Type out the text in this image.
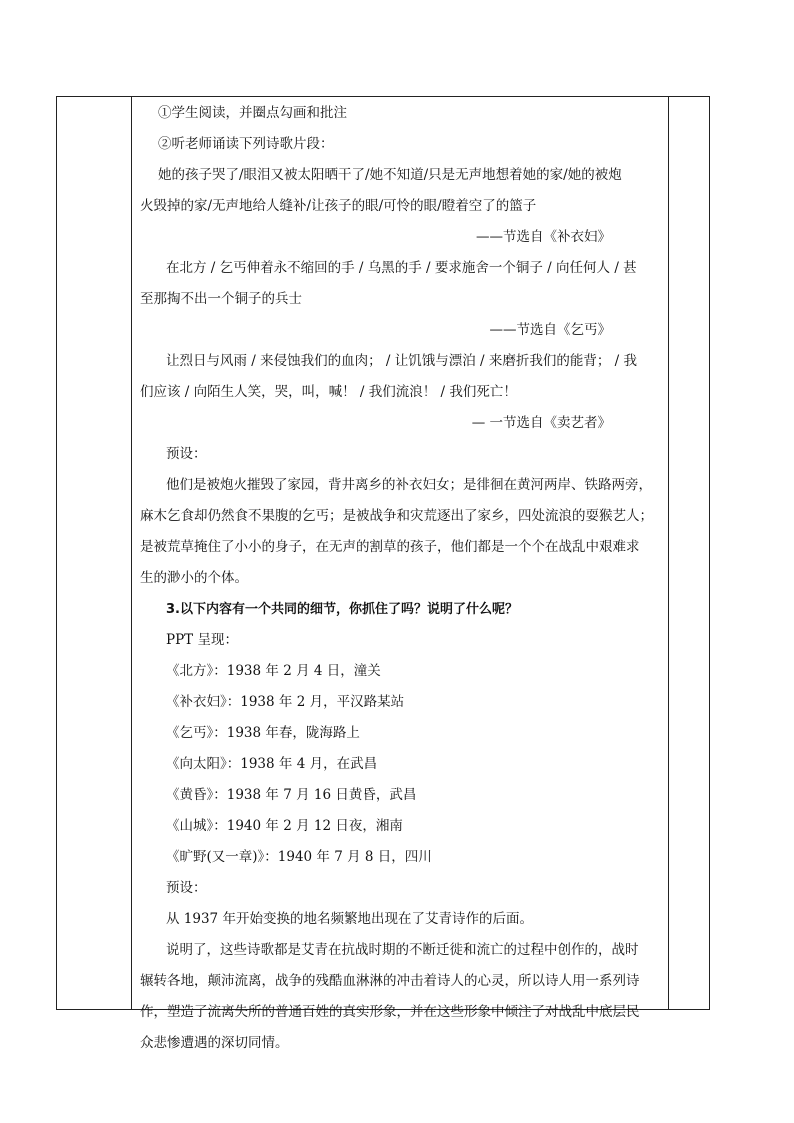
①学生阅读，并圈点勾画和批注

②听老师诵读下列诗歌片段：

她的孩子哭了/眼泪又被太阳晒干了/她不知道/只是无声地想着她的家/她的被炮

火毁掉的家/无声地给人缝补/让孩子的眼/可怜的眼/瞪着空了的篮子

——节选自《补衣妇》

在北方 / 乞丐伸着永不缩回的手 / 乌黑的手 / 要求施舍一个铜子 / 向任何人 / 甚

至那掏不出一个铜子的兵士

——节选自《乞丐》

让烈日与风雨 / 来侵蚀我们的血肉； / 让饥饿与漂泊 / 来磨折我们的能背； / 我

们应该 / 向陌生人笑，哭，叫，喊！ / 我们流浪！ / 我们死亡！

— 一节选自《卖艺者》

预设：

他们是被炮火摧毁了家园，背井离乡的补衣妇女；是徘徊在黄河两岸、铁路两旁，

麻木乞食却仍然食不果腹的乞丐；是被战争和灾荒逐出了家乡，四处流浪的耍猴艺人；

是被荒草掩住了小小的身子，在无声的割草的孩子，他们都是一个个在战乱中艰难求

生的渺小的个体。

3.以下内容有一个共同的细节，你抓住了吗？说明了什么呢？

PPT 呈现：

《北方》：1938 年 2 月 4 日，潼关

《补衣妇》：1938 年 2 月，平汉路某站

《乞丐》：1938 年春，陇海路上

《向太阳》：1938 年 4 月，在武昌

《黄昏》：1938 年 7 月 16 日黄昏，武昌

《山城》：1940 年 2 月 12 日夜，湘南

《旷野(又一章)》：1940 年 7 月 8 日，四川

预设：

从 1937 年开始变换的地名频繁地出现在了艾青诗作的后面。

说明了，这些诗歌都是艾青在抗战时期的不断迁徙和流亡的过程中创作的，战时

辗转各地，颠沛流离，战争的残酷血淋淋的冲击着诗人的心灵，所以诗人用一系列诗

作，塑造了流离失所的普通百姓的真实形象，并在这些形象中倾注了对战乱中底层民

众悲惨遭遇的深切同情。
